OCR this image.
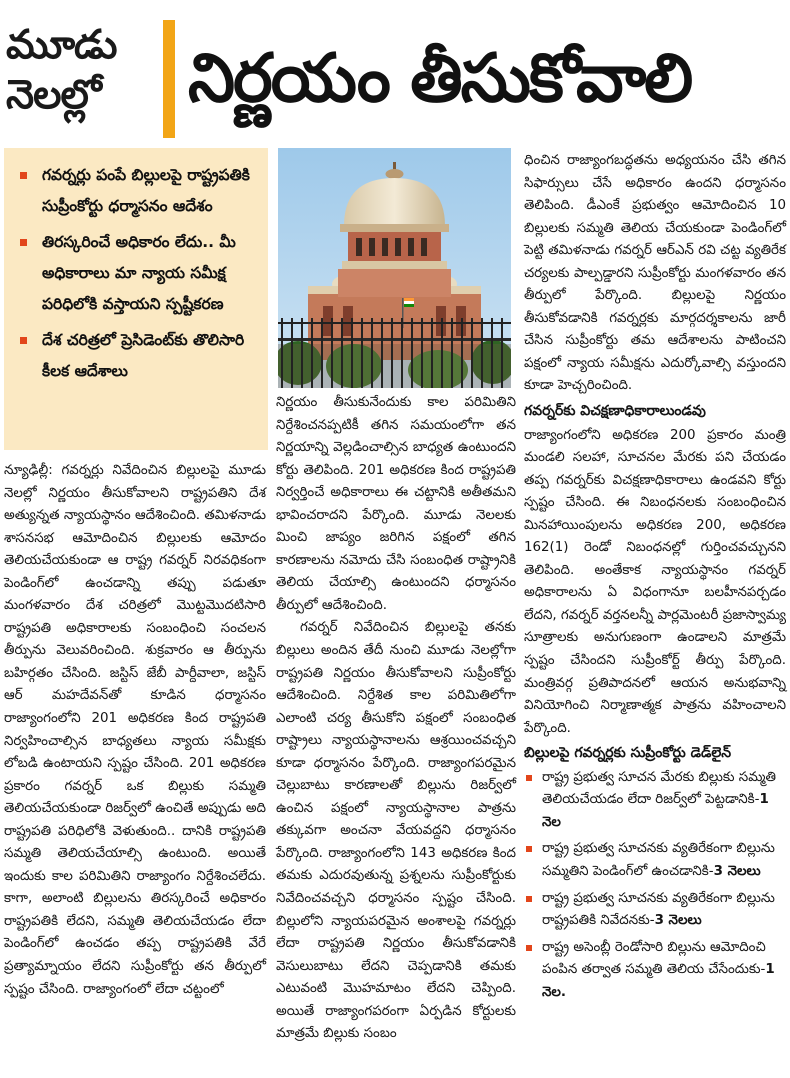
మూడు
నెలల్లో	నిర్ణయం తీసుకోవాలి
గవర్నర్లు పంపే బిల్లులపై రాష్ట్రపతికి సుప్రీంకోర్టు ధర్మాసనం ఆదేశం
తిరస్కరించే అధికారం లేదు.. మీ అధికారాలు మా న్యాయ సమీక్ష పరిధిలోకి వస్తాయని స్పష్టీకరణ
దేశ చరిత్రలో ప్రెసిడెంట్‌కు తొలిసారి కీలక ఆదేశాలు

న్యూఢిల్లీ: గవర్నర్లు నివేదించిన బిల్లులపై మూడు నెలల్లో నిర్ణయం తీసుకోవాలని రాష్ట్రపతిని దేశ అత్యున్నత న్యాయస్థానం ఆదేశించింది. తమిళనాడు శాసనసభ ఆమోదించిన బిల్లులకు ఆమోదం తెలియచేయకుండా ఆ రాష్ట్ర గవర్నర్ నిరవధికంగా పెండింగ్‌లో ఉంచడాన్ని తప్పు పడుతూ మంగళవారం దేశ చరిత్రలో మొట్టమొదటిసారి రాష్ట్రపతి అధికారాలకు సంబంధించి సంచలన తీర్పును వెలువరించింది. శుక్రవారం ఆ తీర్పును బహిర్గతం చేసింది. జస్టిస్ జేబీ పార్దీవాలా, జస్టిస్ ఆర్ మహదేవన్‌తో కూడిన ధర్మాసనం రాజ్యాంగంలోని 201 అధికరణ కింద రాష్ట్రపతి నిర్వహించాల్సిన బాధ్యతలు న్యాయ సమీక్షకు లోబడి ఉంటాయని స్పష్టం చేసింది. 201 అధికరణ ప్రకారం గవర్నర్ ఒక బిల్లుకు సమ్మతి తెలియచేయకుండా రిజర్వ్‌లో ఉంచితే అప్పుడు అది రాష్ట్రపతి పరిధిలోకి వెళుతుంది.. దానికి రాష్ట్రపతి సమ్మతి తెలియచేయాల్సి ఉంటుంది. అయితే ఇందుకు కాల పరిమితిని రాజ్యాంగం నిర్దేశించలేదు. కాగా, అలాంటి బిల్లులను తిరస్కరించే అధికారం రాష్ట్రపతికి లేదని, సమ్మతి తెలియచేయడం లేదా పెండింగ్‌లో ఉంచడం తప్ప రాష్ట్రపతికి వేరే ప్రత్యామ్నాయం లేదని సుప్రీంకోర్టు తన తీర్పులో స్పష్టం చేసింది. రాజ్యాంగంలో లేదా చట్టంలో

నిర్ణయం తీసుకునేందుకు కాల పరిమితిని నిర్దేశించనప్పటికీ తగిన సమయంలోగా తన నిర్ణయాన్ని వెల్లడించాల్సిన బాధ్యత ఉంటుందని కోర్టు తెలిపింది. 201 అధికరణ కింద రాష్ట్రపతి నిర్వర్తించే అధికారాలు ఈ చట్టానికి అతీతమని భావించరాదని పేర్కొంది. మూడు నెలలకు మించి జాప్యం జరిగిన పక్షంలో తగిన కారణాలను నమోదు చేసి సంబంధిత రాష్ట్రానికి తెలియ చేయాల్సి ఉంటుందని ధర్మాసనం తీర్పులో ఆదేశించింది.

గవర్నర్ నివేదించిన బిల్లులపై తనకు బిల్లులు అందిన తేదీ నుంచి మూడు నెలల్లోగా రాష్ట్రపతి నిర్ణయం తీసుకోవాలని సుప్రీంకోర్టు ఆదేశించింది. నిర్దేశిత కాల పరిమితిలోగా ఎలాంటి చర్య తీసుకోని పక్షంలో సంబంధిత రాష్ట్రాలు న్యాయస్థానాలను ఆశ్రయించవచ్చని కూడా ధర్మాసనం పేర్కొంది. రాజ్యాంగపరమైన చెల్లుబాటు కారణాలతో బిల్లును రిజర్వ్‌లో ఉంచిన పక్షంలో న్యాయస్థానాల పాత్రను తక్కువగా అంచనా వేయవద్దని ధర్మాసనం పేర్కొంది. రాజ్యాంగంలోని 143 అధికరణ కింద తమకు ఎదురవుతున్న ప్రశ్నలను సుప్రీంకోర్టుకు నివేదించవచ్చని ధర్మాసనం స్పష్టం చేసింది. బిల్లులోని న్యాయపరమైన అంశాలపై గవర్నర్లు లేదా రాష్ట్రపతి నిర్ణయం తీసుకోవడానికి వెసులుబాటు లేదని చెప్పడానికి తమకు ఎటువంటి మొహమాటం లేదని చెప్పింది. అయితే రాజ్యాంగపరంగా ఏర్పడిన కోర్టులకు మాత్రమే బిల్లుకు సంబం

ధించిన రాజ్యాంగబద్ధతను అధ్యయనం చేసి తగిన సిఫార్సులు చేసే అధికారం ఉందని ధర్మాసనం తెలిపింది. డీఎంకే ప్రభుత్వం ఆమోదించిన 10 బిల్లులకు సమ్మతి తెలియ చేయకుండా పెండింగ్‌లో పెట్టి తమిళనాడు గవర్నర్ ఆర్‌ఎన్ రవి చట్ట వ్యతిరేక చర్యలకు పాల్పడ్డారని సుప్రీంకోర్టు మంగళవారం తన తీర్పులో పేర్కొంది. బిల్లులపై నిర్ణయం తీసుకోవడానికి గవర్నర్లకు మార్గదర్శకాలను జారీ చేసిన సుప్రీంకోర్టు తమ ఆదేశాలను పాటించని పక్షంలో న్యాయ సమీక్షను ఎదుర్కోవాల్సి వస్తుందని కూడా హెచ్చరించింది.

గవర్నర్‌కు విచక్షణాధికారాలుండవు

రాజ్యాంగంలోని అధికరణ 200 ప్రకారం మంత్రి మండలి సలహా, సూచనల మేరకు పని చేయడం తప్ప గవర్నర్‌కు విచక్షణాధికారాలు ఉండవని కోర్టు స్పష్టం చేసింది. ఈ నిబంధనలకు సంబంధించిన మినహాయింపులను అధికరణ 200, అధికరణ 162(1) రెండో నిబంధనల్లో గుర్తించవచ్చునని తెలిపింది. అంతేకాక న్యాయస్థానం గవర్నర్ అధికారాలను ఏ విధంగానూ బలహీనపర్చడం లేదని, గవర్నర్ వర్తనలన్నీ పార్లమెంటరీ ప్రజాస్వామ్య సూత్రాలకు అనుగుణంగా ఉండాలని మాత్రమే స్పష్టం చేసిందని సుప్రీంకోర్ట్ తీర్పు పేర్కొంది. మంత్రివర్గ ప్రతిపాదనలో ఆయన అనుభవాన్ని వినియోగించి నిర్మాణాత్మక పాత్రను వహించాలని పేర్కొంది.

బిల్లులపై గవర్నర్లకు సుప్రీంకోర్టు డెడ్‌లైన్
రాష్ట్ర ప్రభుత్వ సూచన మేరకు బిల్లుకు సమ్మతి తెలియచేయడం లేదా రిజర్వ్‌లో పెట్టడానికి-1 నెల
రాష్ట్ర ప్రభుత్వ సూచనకు వ్యతిరేకంగా బిల్లును సమ్మతిని పెండింగ్‌లో ఉంచడానికి-3 నెలలు
రాష్ట్ర ప్రభుత్వ సూచనకు వ్యతిరేకంగా బిల్లును రాష్ట్రపతికి నివేదనకు-3 నెలలు
రాష్ట్ర అసెంబ్లీ రెండోసారి బిల్లును ఆమోదించి పంపిన తర్వాత సమ్మతి తెలియ చేసేందుకు-1 నెల.
